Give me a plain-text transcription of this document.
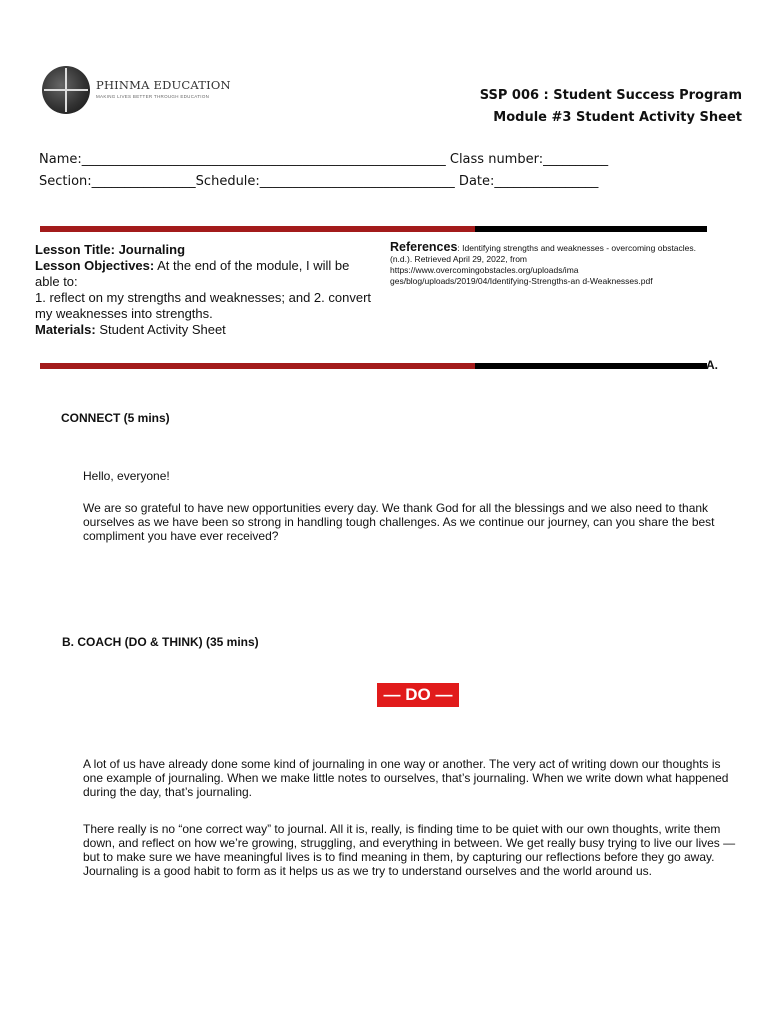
PHINMA EDUCATION
MAKING LIVES BETTER THROUGH EDUCATION	SSP 006 : Student Success Program
Module #3 Student Activity Sheet
Name:________________________________________________________ Class number:__________
Section:________________Schedule:______________________________ Date:________________
Lesson Title: Journaling
Lesson Objectives: At the end of the module, I will be able to:
1. reflect on my strengths and weaknesses; and 2. convert my weaknesses into strengths.
Materials: Student Activity Sheet
References: Identifying strengths and weaknesses - overcoming obstacles. (n.d.). Retrieved April 29, 2022, from https://www.overcomingobstacles.org/uploads/ima ges/blog/uploads/2019/04/Identifying-Strengths-an d-Weaknesses.pdf
A.
CONNECT (5 mins)
Hello, everyone!
We are so grateful to have new opportunities every day. We thank God for all the blessings and we also need to thank ourselves as we have been so strong in handling tough challenges. As we continue our journey, can you share the best compliment you have ever received?
B. COACH (DO & THINK) (35 mins)
— DO —
A lot of us have already done some kind of journaling in one way or another. The very act of writing down our thoughts is one example of journaling. When we make little notes to ourselves, that’s journaling. When we write down what happened during the day, that’s journaling.
There really is no “one correct way” to journal. All it is, really, is finding time to be quiet with our own thoughts, write them down, and reflect on how we’re growing, struggling, and everything in between. We get really busy trying to live our lives — but to make sure we have meaningful lives is to find meaning in them, by capturing our reflections before they go away. Journaling is a good habit to form as it helps us as we try to understand ourselves and the world around us.
